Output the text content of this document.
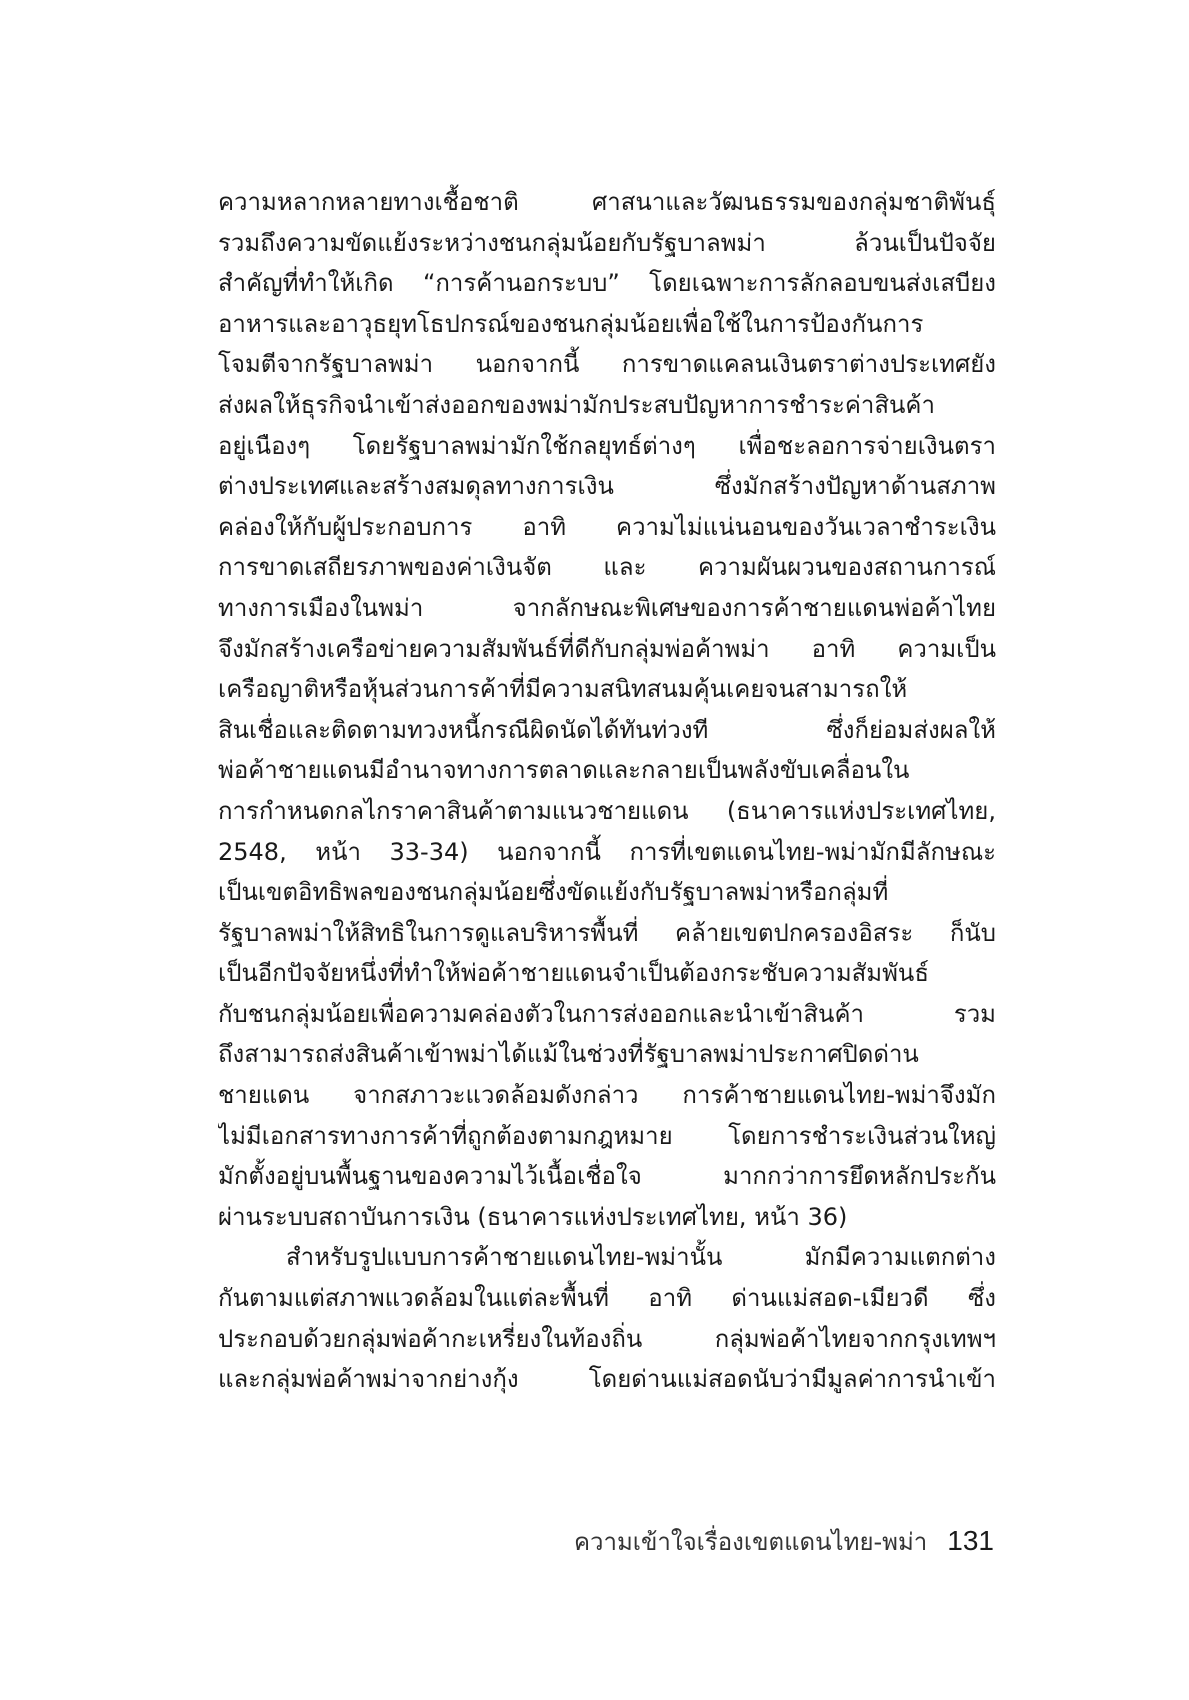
ความหลากหลายทางเชื้อชาติ ศาสนาและวัฒนธรรมของกลุ่มชาติพันธุ์
รวมถึงความขัดแย้งระหว่างชนกลุ่มน้อยกับรัฐบาลพม่า ล้วนเป็นปัจจัย
สำคัญที่ทำให้เกิด “การค้านอกระบบ” โดยเฉพาะการลักลอบขนส่งเสบียง
อาหารและอาวุธยุทโธปกรณ์ของชนกลุ่มน้อยเพื่อใช้ในการป้องกันการ
โจมตีจากรัฐบาลพม่า นอกจากนี้ การขาดแคลนเงินตราต่างประเทศยัง
ส่งผลให้ธุรกิจนำเข้าส่งออกของพม่ามักประสบปัญหาการชำระค่าสินค้า
อยู่เนืองๆ โดยรัฐบาลพม่ามักใช้กลยุทธ์ต่างๆ เพื่อชะลอการจ่ายเงินตรา
ต่างประเทศและสร้างสมดุลทางการเงิน ซึ่งมักสร้างปัญหาด้านสภาพ
คล่องให้กับผู้ประกอบการ อาทิ ความไม่แน่นอนของวันเวลาชำระเงิน
การขาดเสถียรภาพของค่าเงินจัต และ ความผันผวนของสถานการณ์
ทางการเมืองในพม่า จากลักษณะพิเศษของการค้าชายแดนพ่อค้าไทย
จึงมักสร้างเครือข่ายความสัมพันธ์ที่ดีกับกลุ่มพ่อค้าพม่า อาทิ ความเป็น
เครือญาติหรือหุ้นส่วนการค้าที่มีความสนิทสนมคุ้นเคยจนสามารถให้
สินเชื่อและติดตามทวงหนี้กรณีผิดนัดได้ทันท่วงที ซึ่งก็ย่อมส่งผลให้
พ่อค้าชายแดนมีอำนาจทางการตลาดและกลายเป็นพลังขับเคลื่อนใน
การกำหนดกลไกราคาสินค้าตามแนวชายแดน (ธนาคารแห่งประเทศไทย,
2548, หน้า 33-34) นอกจากนี้ การที่เขตแดนไทย-พม่ามักมีลักษณะ
เป็นเขตอิทธิพลของชนกลุ่มน้อยซึ่งขัดแย้งกับรัฐบาลพม่าหรือกลุ่มที่
รัฐบาลพม่าให้สิทธิในการดูแลบริหารพื้นที่ คล้ายเขตปกครองอิสระ ก็นับ
เป็นอีกปัจจัยหนึ่งที่ทำให้พ่อค้าชายแดนจำเป็นต้องกระชับความสัมพันธ์
กับชนกลุ่มน้อยเพื่อความคล่องตัวในการส่งออกและนำเข้าสินค้า รวม
ถึงสามารถส่งสินค้าเข้าพม่าได้แม้ในช่วงที่รัฐบาลพม่าประกาศปิดด่าน
ชายแดน จากสภาวะแวดล้อมดังกล่าว การค้าชายแดนไทย-พม่าจึงมัก
ไม่มีเอกสารทางการค้าที่ถูกต้องตามกฎหมาย โดยการชำระเงินส่วนใหญ่
มักตั้งอยู่บนพื้นฐานของความไว้เนื้อเชื่อใจ มากกว่าการยึดหลักประกัน
ผ่านระบบสถาบันการเงิน (ธนาคารแห่งประเทศไทย, หน้า 36)
สำหรับรูปแบบการค้าชายแดนไทย-พม่านั้น มักมีความแตกต่าง
กันตามแต่สภาพแวดล้อมในแต่ละพื้นที่ อาทิ ด่านแม่สอด-เมียวดี ซึ่ง
ประกอบด้วยกลุ่มพ่อค้ากะเหรี่ยงในท้องถิ่น กลุ่มพ่อค้าไทยจากกรุงเทพฯ
และกลุ่มพ่อค้าพม่าจากย่างกุ้ง โดยด่านแม่สอดนับว่ามีมูลค่าการนำเข้า
ความเข้าใจเรื่องเขตแดนไทย-พม่า 131
